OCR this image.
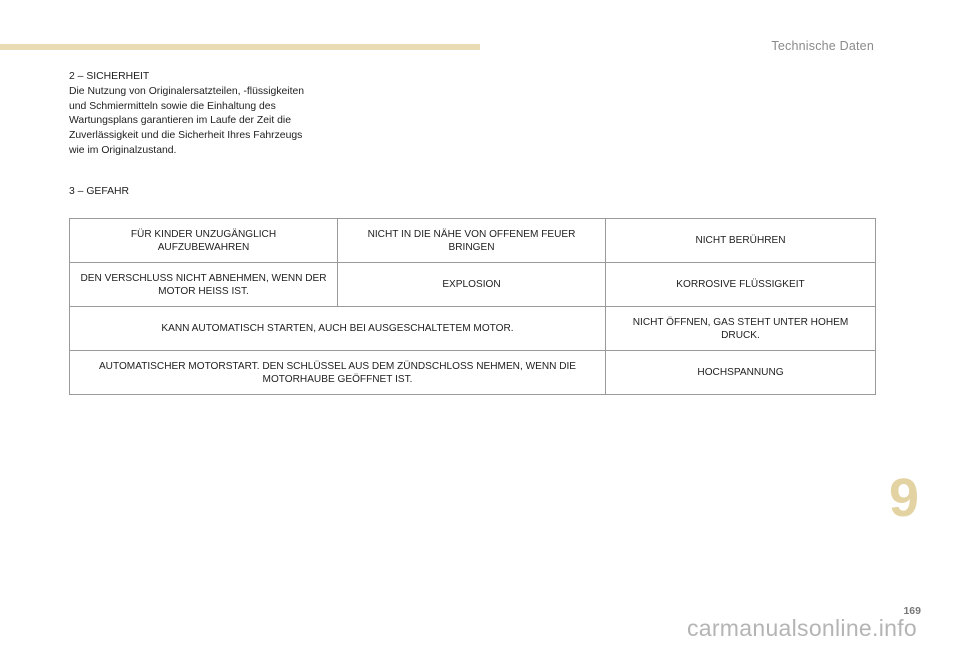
Technische Daten
2 – SICHERHEIT
Die Nutzung von Originalersatzteilen, -flüssigkeiten
und Schmiermitteln sowie die Einhaltung des
Wartungsplans garantieren im Laufe der Zeit die
Zuverlässigkeit und die Sicherheit Ihres Fahrzeugs
wie im Originalzustand.
3 – GEFAHR
FÜR KINDER UNZUGÄNGLICH AUFZUBEWAHREN	NICHT IN DIE NÄHE VON OFFENEM FEUER BRINGEN	NICHT BERÜHREN
DEN VERSCHLUSS NICHT ABNEHMEN, WENN DER MOTOR HEISS IST.	EXPLOSION	KORROSIVE FLÜSSIGKEIT
KANN AUTOMATISCH STARTEN, AUCH BEI AUSGESCHALTETEM MOTOR.		NICHT ÖFFNEN, GAS STEHT UNTER HOHEM DRUCK.
AUTOMATISCHER MOTORSTART. DEN SCHLÜSSEL AUS DEM ZÜNDSCHLOSS NEHMEN, WENN DIE MOTORHAUBE GEÖFFNET IST.		HOCHSPANNUNG
9
169
carmanualsonline.info
